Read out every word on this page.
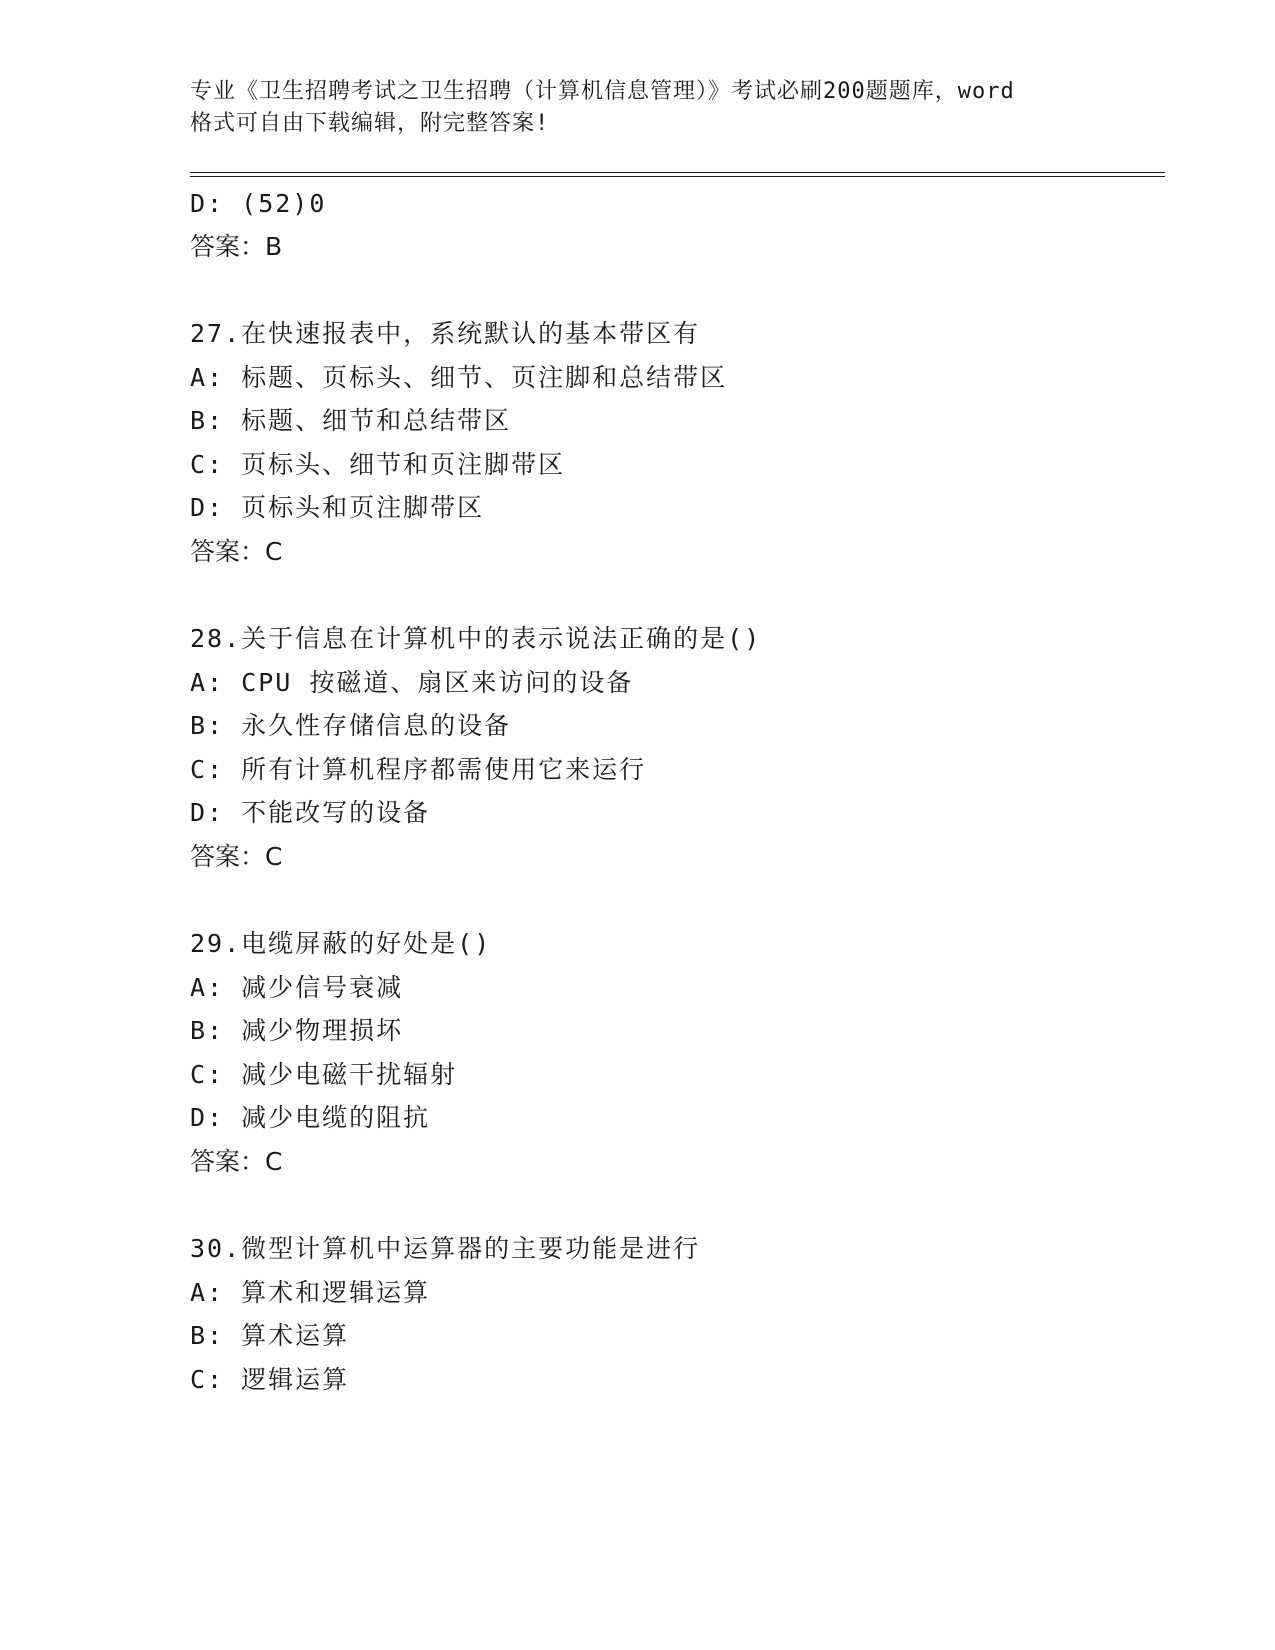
专业《卫生招聘考试之卫生招聘（计算机信息管理）》考试必刷200题题库，word
格式可自由下载编辑，附完整答案!
D: (52)0
答案：B
27.在快速报表中，系统默认的基本带区有
A: 标题、页标头、细节、页注脚和总结带区
B: 标题、细节和总结带区
C: 页标头、细节和页注脚带区
D: 页标头和页注脚带区
答案：C
28.关于信息在计算机中的表示说法正确的是()
A: CPU 按磁道、扇区来访问的设备
B: 永久性存储信息的设备
C: 所有计算机程序都需使用它来运行
D: 不能改写的设备
答案：C
29.电缆屏蔽的好处是()
A: 减少信号衰减
B: 减少物理损坏
C: 减少电磁干扰辐射
D: 减少电缆的阻抗
答案：C
30.微型计算机中运算器的主要功能是进行
A: 算术和逻辑运算
B: 算术运算
C: 逻辑运算
